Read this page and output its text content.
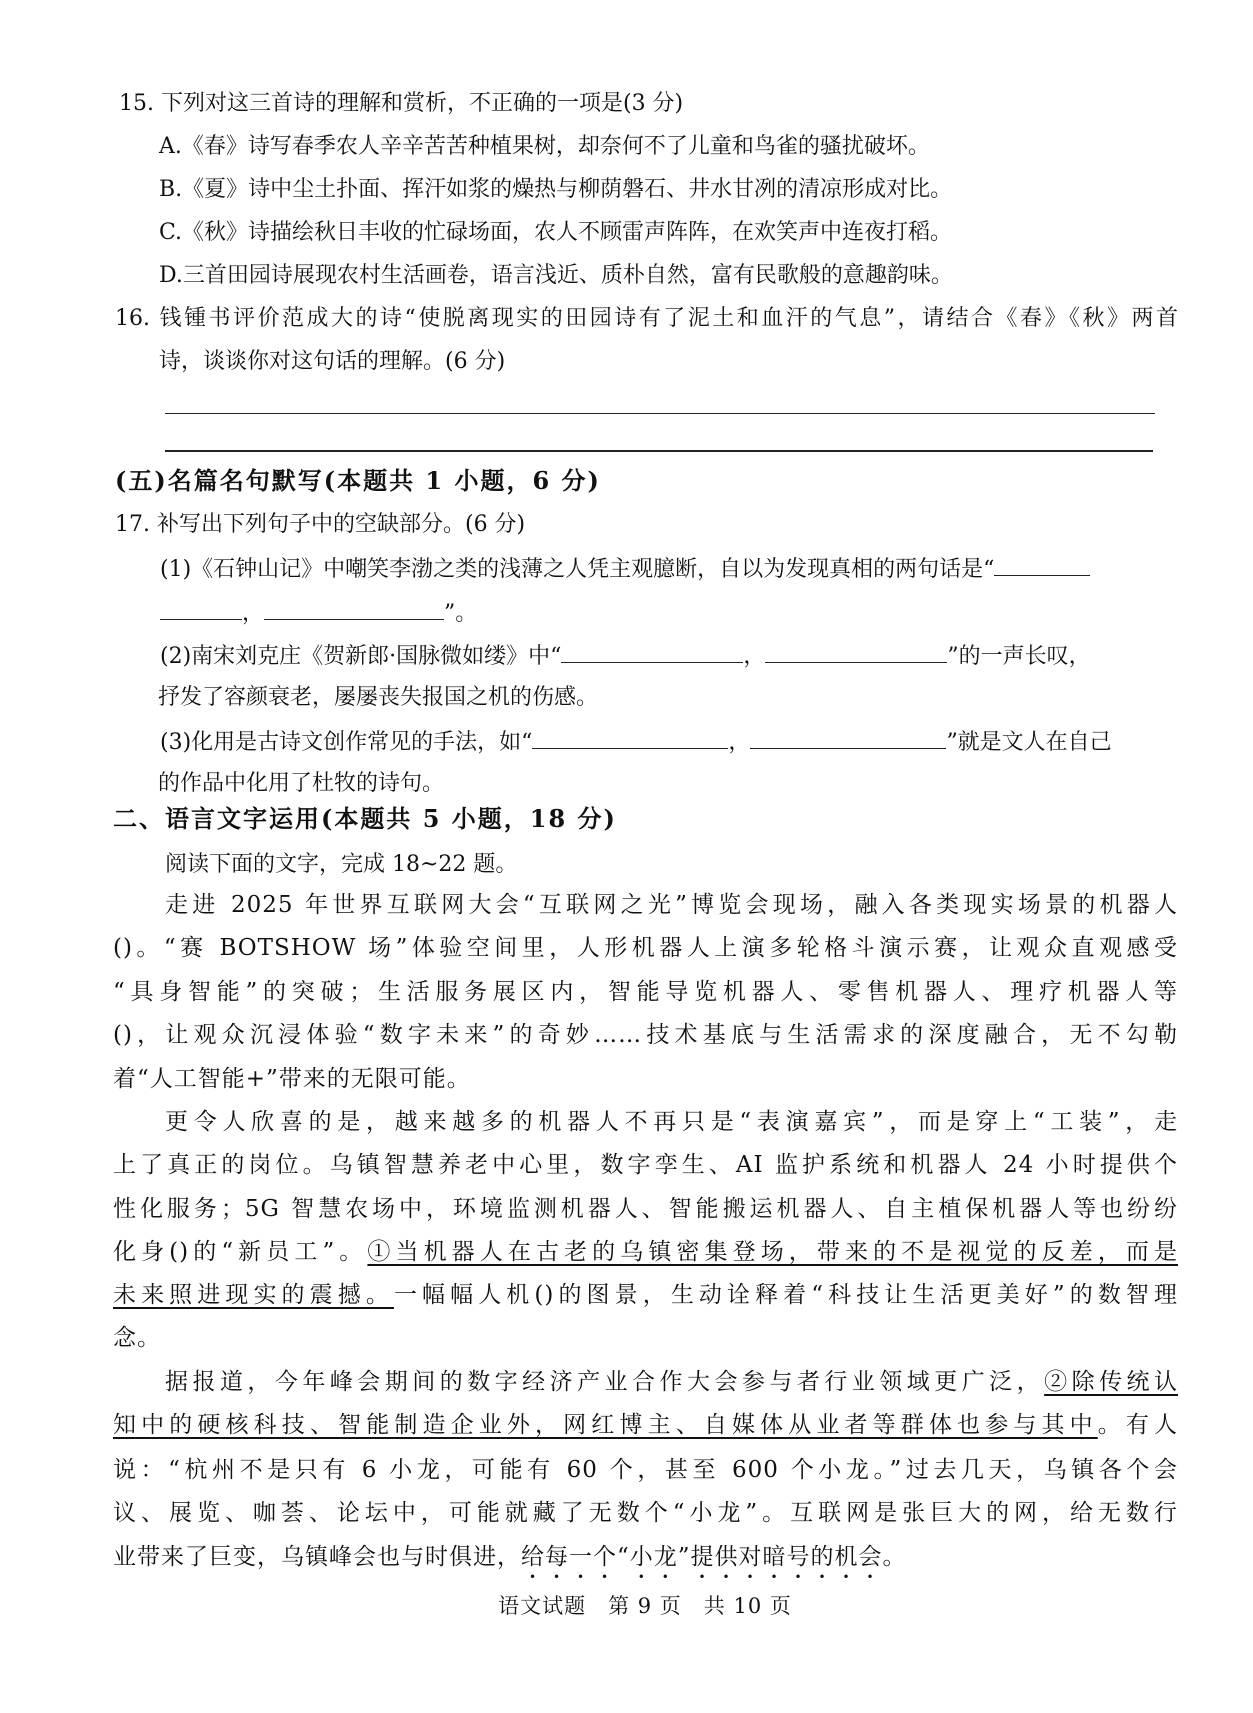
15. 下列对这三首诗的理解和赏析，不正确的一项是(3 分)
A.《春》诗写春季农人辛辛苦苦种植果树，却奈何不了儿童和鸟雀的骚扰破坏。
B.《夏》诗中尘土扑面、挥汗如浆的燥热与柳荫磐石、井水甘冽的清凉形成对比。
C.《秋》诗描绘秋日丰收的忙碌场面，农人不顾雷声阵阵，在欢笑声中连夜打稻。
D.三首田园诗展现农村生活画卷，语言浅近、质朴自然，富有民歌般的意趣韵味。
16. 钱锺书评价范成大的诗“使脱离现实的田园诗有了泥土和血汗的气息”，请结合《春》《秋》两首
诗，谈谈你对这句话的理解。(6 分)
(五)名篇名句默写(本题共 1 小题，6 分)
17. 补写出下列句子中的空缺部分。(6 分)
(1)《石钟山记》中嘲笑李渤之类的浅薄之人凭主观臆断，自以为发现真相的两句话是“
，	”。
(2)南宋刘克庄《贺新郎·国脉微如缕》中“	，	”的一声长叹，
抒发了容颜衰老，屡屡丧失报国之机的伤感。
(3)化用是古诗文创作常见的手法，如“	，	”就是文人在自己
的作品中化用了杜牧的诗句。
二、语言文字运用(本题共 5 小题，18 分)
阅读下面的文字，完成 18~22 题。
走进 2025 年世界互联网大会“互联网之光”博览会现场，融入各类现实场景的机器人
()。“赛 BOTSHOW 场”体验空间里，人形机器人上演多轮格斗演示赛，让观众直观感受
“具身智能”的突破；生活服务展区内，智能导览机器人、零售机器人、理疗机器人等
()，让观众沉浸体验“数字未来”的奇妙……技术基底与生活需求的深度融合，无不勾勒
着“人工智能+”带来的无限可能。
更令人欣喜的是，越来越多的机器人不再只是“表演嘉宾”，而是穿上“工装”，走
上了真正的岗位。乌镇智慧养老中心里，数字孪生、AI 监护系统和机器人 24 小时提供个
性化服务；5G 智慧农场中，环境监测机器人、智能搬运机器人、自主植保机器人等也纷纷
化身()的“新员工”。①当机器人在古老的乌镇密集登场，带来的不是视觉的反差，而是
未来照进现实的震撼。一幅幅人机()的图景，生动诠释着“科技让生活更美好”的数智理
念。
据报道，今年峰会期间的数字经济产业合作大会参与者行业领域更广泛，②除传统认
知中的硬核科技、智能制造企业外，网红博主、自媒体从业者等群体也参与其中。有人
说：“杭州不是只有 6 小龙，可能有 60 个，甚至 600 个小龙。”过去几天，乌镇各个会
议、展览、咖荟、论坛中，可能就藏了无数个“小龙”。互联网是张巨大的网，给无数行
业带来了巨变，乌镇峰会也与时俱进，给每一个“小龙”提供对暗号的机会。
语文试题　第 9 页　共 10 页
